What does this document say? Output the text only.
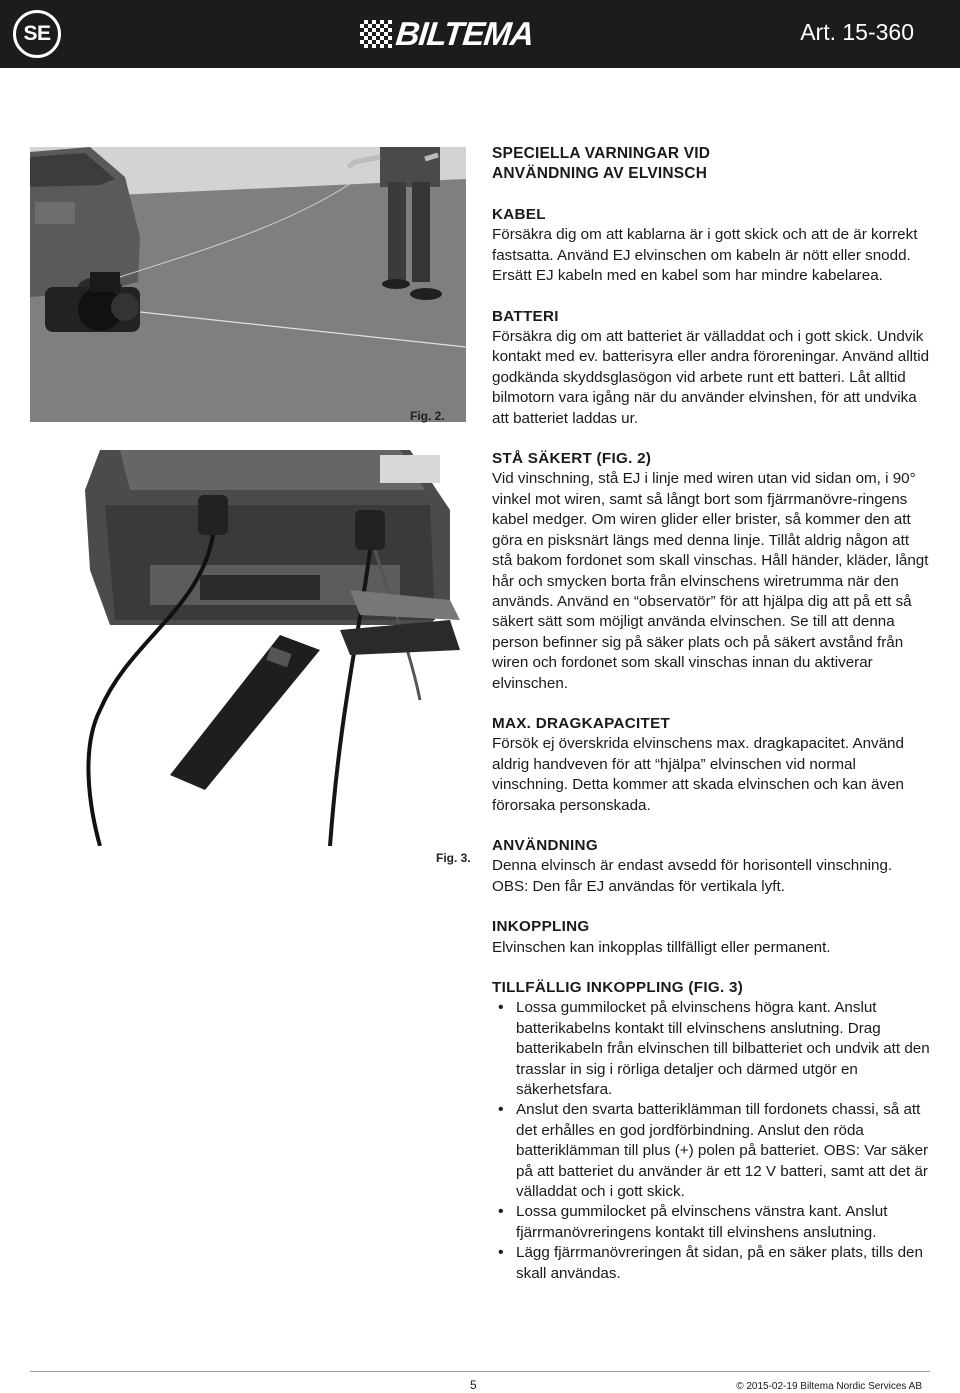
SE	BILTEMA	Art. 15-360
Fig. 2.
Fig. 3.
SPECIELLA VARNINGAR VID
ANVÄNDNING AV ELVINSCH

KABEL

Försäkra dig om att kablarna är i gott skick och att de är korrekt fastsatta. Använd EJ elvinschen om kabeln är nött eller snodd. Ersätt EJ kabeln med en kabel som har mindre kabelarea.

BATTERI

Försäkra dig om att batteriet är välladdat och i gott skick. Undvik kontakt med ev. batterisyra eller andra föroreningar. Använd alltid godkända skyddsglasögon vid arbete runt ett batteri. Låt alltid bilmotorn vara igång när du använder elvinshen, för att undvika att batteriet laddas ur.

STÅ SÄKERT (FIG. 2)

Vid vinschning, stå EJ i linje med wiren utan vid sidan om, i 90° vinkel mot wiren, samt så långt bort som fjärrmanövre-ringens kabel medger. Om wiren glider eller brister, så kommer den att göra en pisksnärt längs med denna linje. Tillåt aldrig någon att stå bakom fordonet som skall vinschas. Håll händer, kläder, långt hår och smycken borta från elvinschens wiretrumma när den används. Använd en “observatör” för att hjälpa dig att på ett så säkert sätt som möjligt använda elvinschen. Se till att denna person befinner sig på säker plats och på säkert avstånd från wiren och fordonet som skall vinschas innan du aktiverar elvinschen.

MAX. DRAGKAPACITET

Försök ej överskrida elvinschens max. dragkapacitet. Använd aldrig handveven för att “hjälpa” elvinschen vid normal vinschning. Detta kommer att skada elvinschen och kan även förorsaka personskada.

ANVÄNDNING

Denna elvinsch är endast avsedd för horisontell vinschning. OBS: Den får EJ användas för vertikala lyft.

INKOPPLING

Elvinschen kan inkopplas tillfälligt eller permanent.

TILLFÄLLIG INKOPPLING (FIG. 3)

• Lossa gummilocket på elvinschens högra kant. Anslut batterikabelns kontakt till elvinschens anslutning. Drag batterikabeln från elvinschen till bilbatteriet och undvik att den trasslar in sig i rörliga detaljer och därmed utgör en säkerhetsfara.
• Anslut den svarta batteriklämman till fordonets chassi, så att det erhålles en god jordförbindning. Anslut den röda batteriklämman till plus (+) polen på batteriet. OBS: Var säker på att batteriet du använder är ett 12 V batteri, samt att det är välladdat och i gott skick.
• Lossa gummilocket på elvinschens vänstra kant. Anslut fjärrmanövreringens kontakt till elvinshens anslutning.
• Lägg fjärrmanövreringen åt sidan, på en säker plats, tills den skall användas.
5	© 2015-02-19 Biltema Nordic Services AB
